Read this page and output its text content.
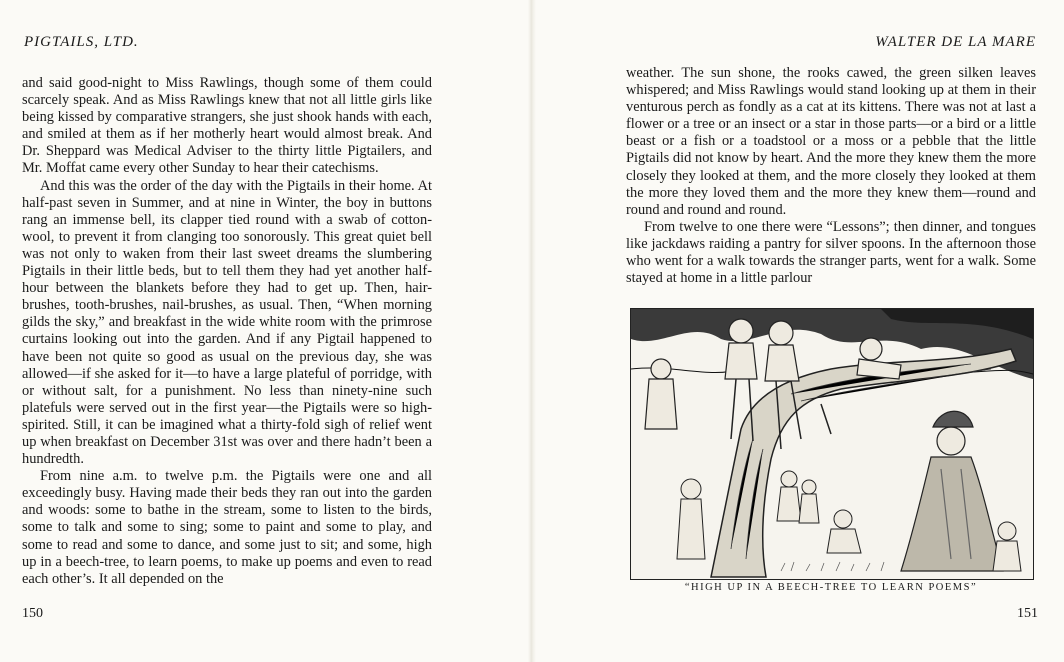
PIGTAILS, LTD.

and said good-night to Miss Rawlings, though some of them could scarcely speak. And as Miss Rawlings knew that not all little girls like being kissed by comparative strangers, she just shook hands with each, and smiled at them as if her motherly heart would almost break. And Dr. Sheppard was Medical Adviser to the thirty little Pigtailers, and Mr. Moffat came every other Sunday to hear their catechisms.

And this was the order of the day with the Pigtails in their home. At half-past seven in Summer, and at nine in Winter, the boy in buttons rang an immense bell, its clapper tied round with a swab of cotton-wool, to prevent it from clanging too sonorously. This great quiet bell was not only to waken from their last sweet dreams the slumbering Pigtails in their little beds, but to tell them they had yet another half-hour between the blankets before they had to get up. Then, hair-brushes, tooth-brushes, nail-brushes, as usual. Then, “When morning gilds the sky,” and breakfast in the wide white room with the primrose curtains looking out into the garden. And if any Pigtail happened to have been not quite so good as usual on the previous day, she was allowed—if she asked for it—to have a large plateful of porridge, with or without salt, for a punishment. No less than ninety-nine such platefuls were served out in the first year—the Pigtails were so high-spirited. Still, it can be imagined what a thirty-fold sigh of relief went up when breakfast on December 31st was over and there hadn’t been a hundredth.

From nine a.m. to twelve p.m. the Pigtails were one and all exceedingly busy. Having made their beds they ran out into the garden and woods: some to bathe in the stream, some to listen to the birds, some to talk and some to sing; some to paint and some to play, and some to read and some to dance, and some just to sit; and some, high up in a beech-tree, to learn poems, to make up poems and even to read each other’s. It all depended on the

150
WALTER DE LA MARE

weather. The sun shone, the rooks cawed, the green silken leaves whispered; and Miss Rawlings would stand looking up at them in their venturous perch as fondly as a cat at its kittens. There was not at last a flower or a tree or an insect or a star in those parts—or a bird or a little beast or a fish or a toadstool or a moss or a pebble that the little Pigtails did not know by heart. And the more they knew them the more closely they looked at them, and the more closely they looked at them the more they loved them and the more they knew them—round and round and round and round.

From twelve to one there were “Lessons”; then dinner, and tongues like jackdaws raiding a pantry for silver spoons. In the afternoon those who went for a walk towards the stranger parts, went for a walk. Some stayed at home in a little parlour

“HIGH UP IN A BEECH-TREE TO LEARN POEMS”
151
